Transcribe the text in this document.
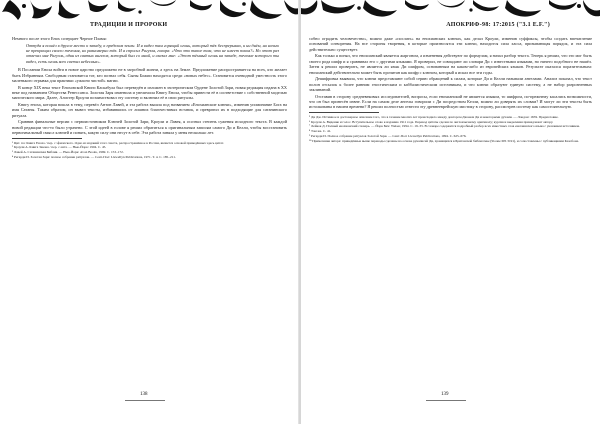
ТРАДИЦИИ И ПРОРОКИ

Немного после этого Енох созерцает Черное Пламя:

Оттуда я пошёл в другое место к западу, к пределам земли. И я видел там горящий огонь, который тёк беспрерывно, и ни днём, ни ночью не прекращал своего течения, но равномерно тёк. И я спросил Рагуэля, говоря: «Что это такое там, что не имеет покоя?» Но этот раз отвечал мне Рагуэль, один из святых ангелов, который был со мной, и сказал мне: «Этот тёмный огонь на западе, течение которого ты видел, есть огонь всех светил небесных».

В Послании Еноха войти в новое царство предложено не в загробной жизни, а здесь на Земле. Предложение распространяется на всех, кто желает быть Избранным. Свободным становится тот, кто познал себя. Сыны Божии находятся среди «новых небес». Становится очевидной уместность этого маленького отрывка для практики «ужасно чистой» магии.

В конце XIX века текст Еноховской Книги Каскабула был переведён и изложен в эзотерическом Ордене Золотой Зари, новая редакция издана в XX веке под названием Общества Ренессанса. Золотая Заря изменила и увеличила Книгу Еноха, чтобы привести её в соответствие с собственной моделью магического мира. Далее, Алистер Кроули позаимствовал эту систему и включил её в свои ритуалы.

Книгу еноха, которая вошла в тему, перевёл Антон Лавей, и эта работа вышла под названием «Енохианские ключи», изменив упоминание Бога на имя Сатаны. Таким образом, он вывел тексты, избавившись от лишних благочестивых вставок, и превратил их в подходящие для сатанинского ритуала.

Сравнив финальные версии с первоисточником Ключей Золотой Зари, Кроули и Лавея, я осознал степень сужения исходного текста. В каждой новой редакции что-то было утрачено. С этой идеей в голове я решил обратиться к оригинальным записям самого Ди и Келли, чтобы восстановить первоначальный смысл ключей и понять, какую силу они несут в себе. Эта работа заняла у меня несколько лет.

¹ Цит. по: Книга Еноха / пер. с эфиопского. Одно из изданий этого текста, распространённое в России, является основой приведённых здесь цитат.

² Кроули А. Книга Закона / пер. с англ. — Нью-Йорк: 1904. С. 45.

³ Лавей А. Сатанинская Библия. — Нью-Йорк: Avon Books, 1969. С. 153–172.

⁴ Регарди И. Золотая Заря: полное собрание ритуалов. — Сент-Пол: Llewellyn Publications, 1971. Т. 4. С. 185–211.

138
АПОКРИФ-98: 17:2015 ("3.1 E.F.")

собно оградить человечество», можно даже «послать» на енохианских ключах, как делал Кроули, изменив суффиксы, чтобы создать впечатление оснований сотворения. На все стороны творения, в которые произносятся эти ключи, находится сила хаоса, призывающая порядок, и эта сила действительно существует.

Как только я понял, что енохианский является жаргоном, а изменения действуют по формулам, я начал разбор текста. Теперь я решил, что это мог быть своего рода шифр и я сравнивал его с другими языками. Я проверил, не совпадают ли словари Ди с известными языками, но ничего подобного не нашёл. Затем я решил проверить, не является ли язык Ди шифром, основанным на каком-либо из европейских языков. Результат оказался поразительным: енохианский действительно может быть прочитан как шифр с ключом, который я искал все эти годы.

Дешифровка выявила, что ключи представляют собой серию обращений к силам, которые Ди и Келли называли ангелами. Анализ показал, что текст полон отсылок к более ранним гностическим и каббалистическим источникам, и что ключи образуют единую систему, а не набор разрозненных заклинаний.

Отставив в сторону средневековых исследователей, вопросы, если енохианский не является языком, то шифром, по-прежнему касались возможности, что он был принесён извне. Если на самом деле ангелы говорили с Ди посредством Келли, можно ли доверять их словам? И могут ли эти тексты быть истолкованы в нашем времени? Я решил полностью отвести эту древнееврейскую мистику в сторону, рассмотрев систему как самостоятельную.

⁵ Ди Дж. Истинное и достоверное описание того, что в течение многих лет происходило между доктором Джоном Ди и некоторыми духами. — Лондон: 1659. Предисловие.

⁶ Кроули А. Видение и голос. Вступительное слово к изданию 1911 года. Перевод цитаты сделан по англоязычному оригиналу; курсив и выделения принадлежат автору.

⁷ Лейкок Д. Полный енохианский словарь. — Йорк Бич: Weiser, 1994. С. 19–33. В словаре содержится подробный разбор всех известных слов енохианского языка с указанием источников.

⁸ Там же. С. 41.

⁹ Регарди И. Полное собрание ритуалов Золотой Зари. — Сент-Пол: Llewellyn Publications, 1994. С. 625–676.

¹⁰ Примечание автора: приведённые выше переводы сделаны на основе рукописей Ди, хранящихся в Британской библиотеке (Sloane MS 3191), и сопоставлены с публикациями Казобона.

139
